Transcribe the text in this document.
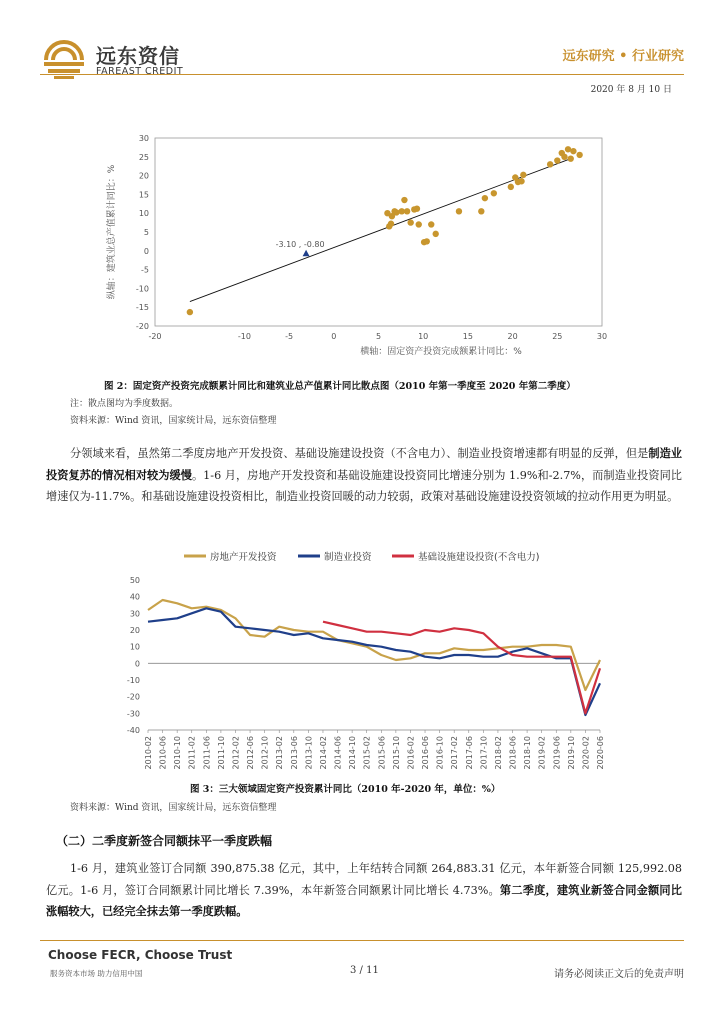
远东资信
FAREAST CREDIT
远东研究 • 行业研究
2020 年 8 月 10 日
-20	-10	-5	0	5	10	15	20	25	30
-20
-15
-10
-5
0
5
10
15
20
25
30
横轴：固定资产投资完成额累计同比：%
纵轴：建筑业总产值累计同比：%	-3.10 , -0.80
图 2：固定资产投资完成额累计同比和建筑业总产值累计同比散点图（2010 年第一季度至 2020 年第二季度）
注：散点图均为季度数据。
资料来源：Wind 资讯，国家统计局，远东资信整理
分领域来看，虽然第二季度房地产开发投资、基础设施建设投资（不含电力）、制造业投资增速都有明显的反弹，但是制造业投资复苏的情况相对较为缓慢。1-6 月，房地产开发投资和基础设施建设投资同比增速分别为 1.9%和-2.7%，而制造业投资同比增速仅为-11.7%。和基础设施建设投资相比，制造业投资回暖的动力较弱，政策对基础设施建设投资领域的拉动作用更为明显。
房地产开发投资	制造业投资	基础设施建设投资(不含电力)
-40
-30
-20
-10
0
10
20
30
40
50
2010-02 2010-06 2010-10 2011-02 2011-06 2011-10 2012-02 2012-06 2012-10 2013-02 2013-06 2013-10 2014-02 2014-06 2014-10 2015-02 2015-06 2015-10 2016-02 2016-06 2016-10 2017-02 2017-06 2017-10 2018-02 2018-06 2018-10 2019-02 2019-06 2019-10 2020-02 2020-06
图 3：三大领域固定资产投资累计同比（2010 年-2020 年，单位：%）
资料来源：Wind 资讯，国家统计局，远东资信整理
（二）二季度新签合同额抹平一季度跌幅
1-6 月，建筑业签订合同额 390,875.38 亿元，其中，上年结转合同额 264,883.31 亿元，本年新签合同额 125,992.08 亿元。1-6 月，签订合同额累计同比增长 7.39%，本年新签合同额累计同比增长 4.73%。第二季度，建筑业新签合同金额同比涨幅较大，已经完全抹去第一季度跌幅。
Choose FECR, Choose Trust
服务资本市场 助力信用中国	3 / 11	请务必阅读正文后的免责声明
